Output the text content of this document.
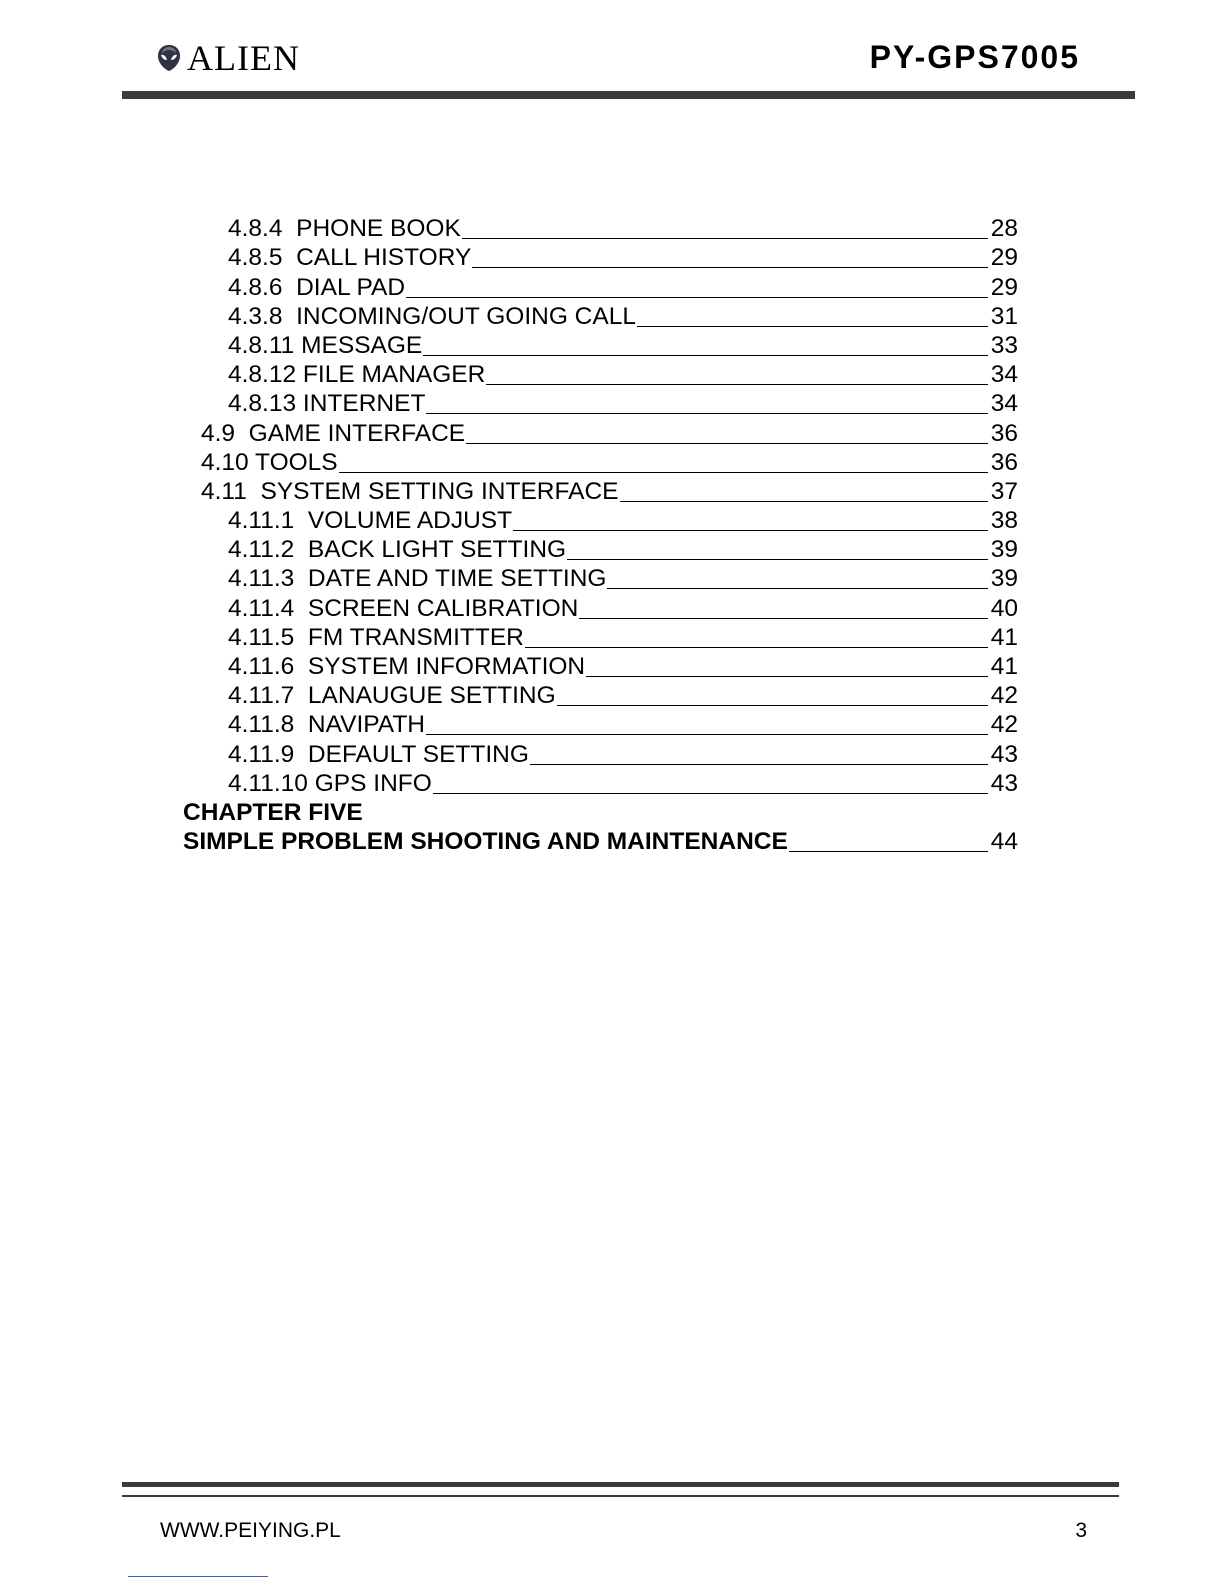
ALIEN	PY-GPS7005
4.8.4  PHONE BOOK	28
4.8.5  CALL HISTORY	29
4.8.6  DIAL PAD	29
4.3.8  INCOMING/OUT GOING CALL	31
4.8.11 MESSAGE	33
4.8.12 FILE MANAGER	34
4.8.13 INTERNET	34
4.9  GAME INTERFACE	36
4.10 TOOLS	36
4.11  SYSTEM SETTING INTERFACE	37
4.11.1  VOLUME ADJUST	38
4.11.2  BACK LIGHT SETTING	39
4.11.3  DATE AND TIME SETTING	39
4.11.4  SCREEN CALIBRATION	40
4.11.5  FM TRANSMITTER	41
4.11.6  SYSTEM INFORMATION	41
4.11.7  LANAUGUE SETTING	42
4.11.8  NAVIPATH	42
4.11.9  DEFAULT SETTING	43
4.11.10 GPS INFO	43
CHAPTER FIVE
SIMPLE PROBLEM SHOOTING AND MAINTENANCE	44
WWW.PEIYING.PL	3
